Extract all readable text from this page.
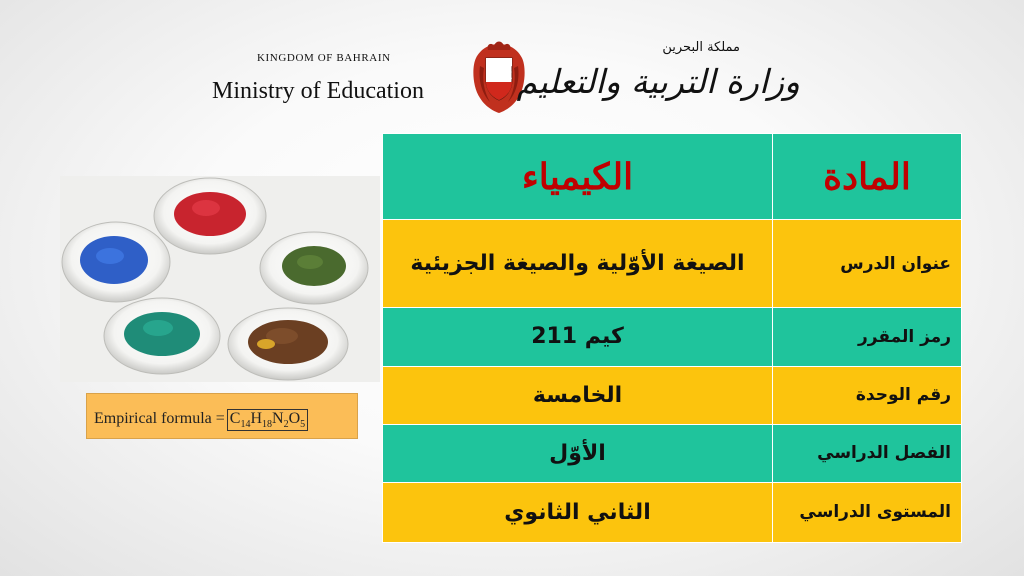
KINGDOM OF BAHRAIN
Ministry of Education
مملكة البحرين
وزارة التربية والتعليم
Empirical formula = $C_{14}H_{18}N_2O_5$
المادة	الكيمياء
عنوان الدرس	الصيغة الأوّلية والصيغة الجزيئية
رمز المقرر	كيم 211
رقم الوحدة	الخامسة
الفصل الدراسي	الأوّل
المستوى الدراسي	الثاني الثانوي
